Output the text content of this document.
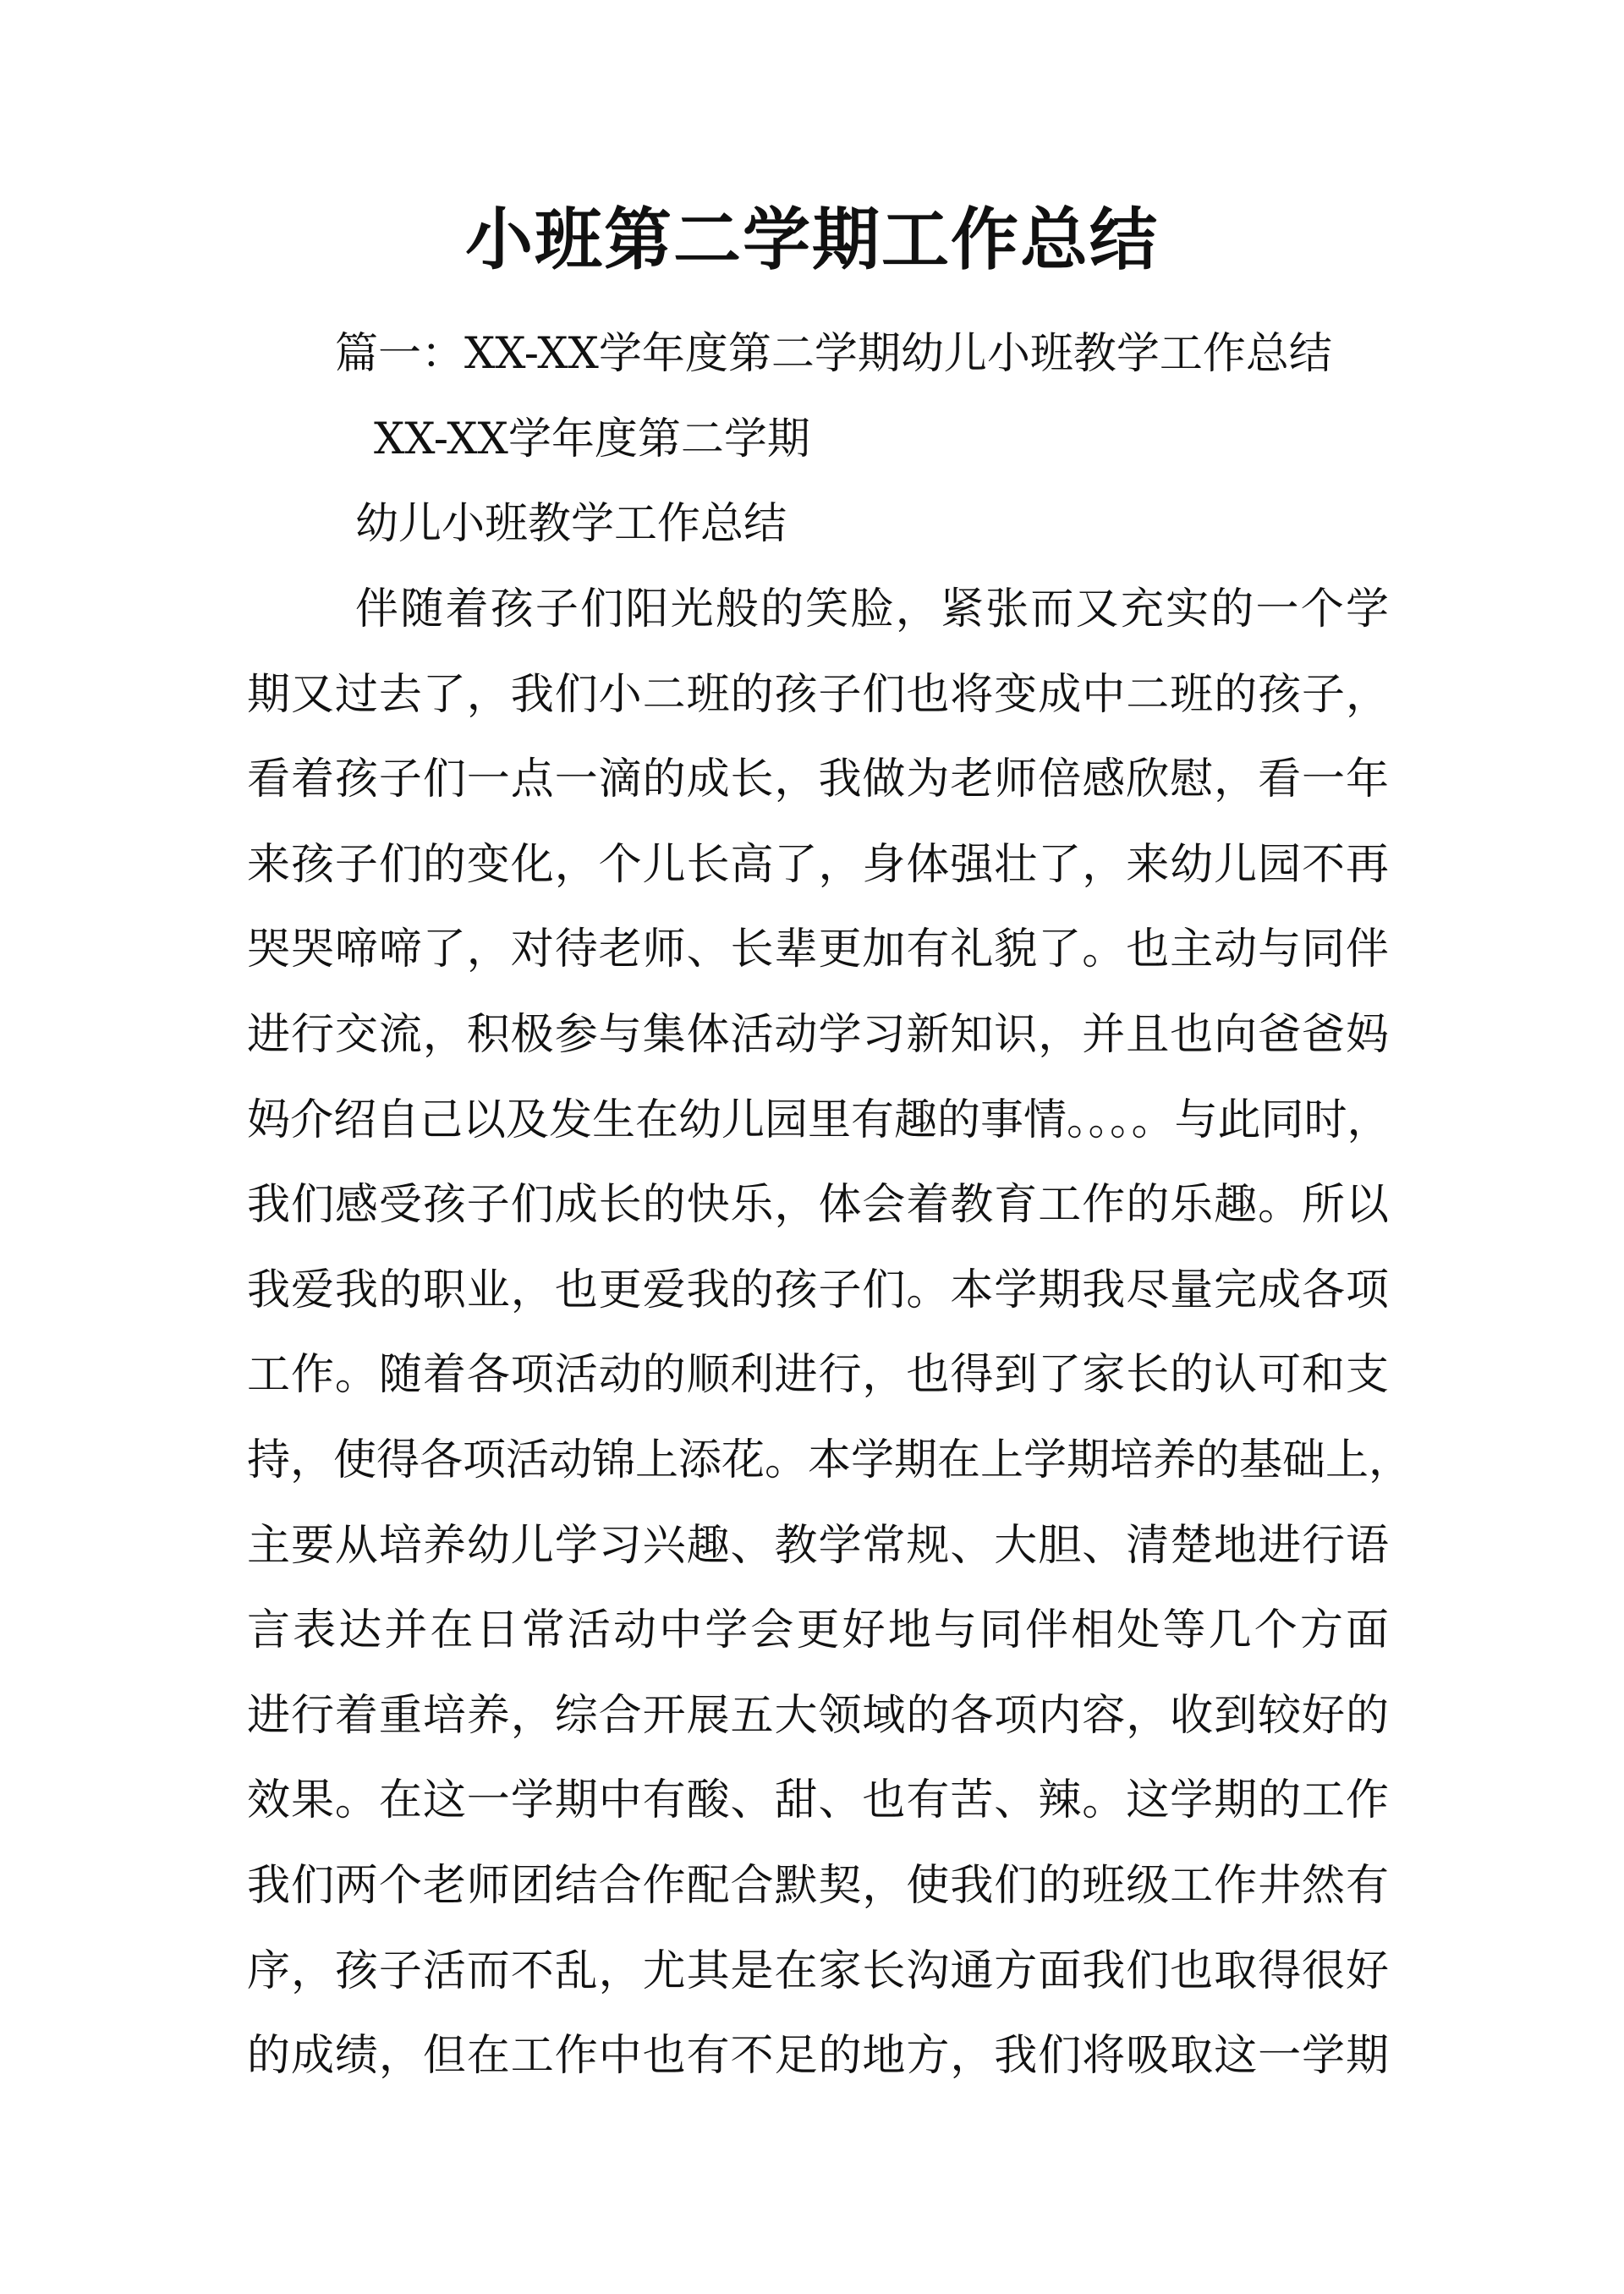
小班第二学期工作总结
篇一：XX-XX学年度第二学期幼儿小班教学工作总结
XX-XX学年度第二学期
幼儿小班教学工作总结
伴随着孩子们阳光般的笑脸，紧张而又充实的一个学
期又过去了，我们小二班的孩子们也将变成中二班的孩子，
看着孩子们一点一滴的成长，我做为老师倍感欣慰，看一年
来孩子们的变化，个儿长高了，身体强壮了，来幼儿园不再
哭哭啼啼了，对待老师、长辈更加有礼貌了。也主动与同伴
进行交流，积极参与集体活动学习新知识，并且也向爸爸妈
妈介绍自己以及发生在幼儿园里有趣的事情。。。。与此同时，
我们感受孩子们成长的快乐，体会着教育工作的乐趣。所以
我爱我的职业，也更爱我的孩子们。本学期我尽量完成各项
工作。随着各项活动的顺利进行，也得到了家长的认可和支
持，使得各项活动锦上添花。本学期在上学期培养的基础上，
主要从培养幼儿学习兴趣、教学常规、大胆、清楚地进行语
言表达并在日常活动中学会更好地与同伴相处等几个方面
进行着重培养，综合开展五大领域的各项内容，收到较好的
效果。在这一学期中有酸、甜、也有苦、辣。这学期的工作
我们两个老师团结合作配合默契，使我们的班级工作井然有
序，孩子活而不乱，尤其是在家长沟通方面我们也取得很好
的成绩，但在工作中也有不足的地方，我们将吸取这一学期
